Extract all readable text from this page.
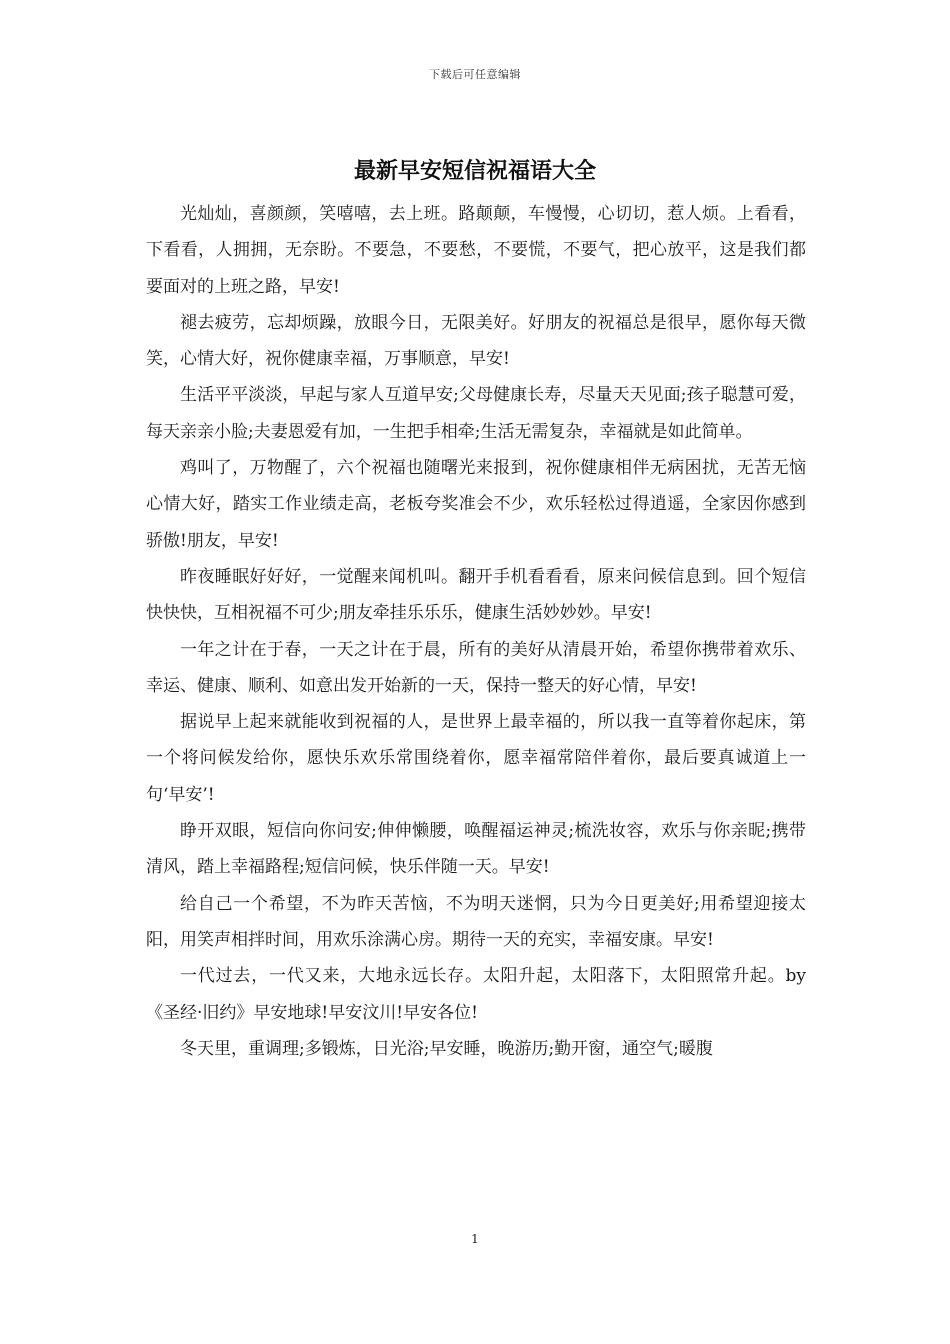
下载后可任意编辑
最新早安短信祝福语大全

光灿灿，喜颜颜，笑嘻嘻，去上班。路颠颠，车慢慢，心切切，惹人烦。上看看，下看看，人拥拥，无奈盼。不要急，不要愁，不要慌，不要气，把心放平，这是我们都要面对的上班之路，早安!

褪去疲劳，忘却烦躁，放眼今日，无限美好。好朋友的祝福总是很早，愿你每天微笑，心情大好，祝你健康幸福，万事顺意，早安!

生活平平淡淡，早起与家人互道早安;父母健康长寿，尽量天天见面;孩子聪慧可爱，每天亲亲小脸;夫妻恩爱有加，一生把手相牵;生活无需复杂，幸福就是如此简单。

鸡叫了，万物醒了，六个祝福也随曙光来报到，祝你健康相伴无病困扰，无苦无恼心情大好，踏实工作业绩走高，老板夸奖准会不少，欢乐轻松过得逍遥，全家因你感到骄傲!朋友，早安!

昨夜睡眠好好好，一觉醒来闻机叫。翻开手机看看看，原来问候信息到。回个短信快快快，互相祝福不可少;朋友牵挂乐乐乐，健康生活妙妙妙。早安!

一年之计在于春，一天之计在于晨，所有的美好从清晨开始，希望你携带着欢乐、幸运、健康、顺利、如意出发开始新的一天，保持一整天的好心情，早安!

据说早上起来就能收到祝福的人，是世界上最幸福的，所以我一直等着你起床，第一个将问候发给你，愿快乐欢乐常围绕着你，愿幸福常陪伴着你，最后要真诚道上一句‘早安’!

睁开双眼，短信向你问安;伸伸懒腰，唤醒福运神灵;梳洗妆容，欢乐与你亲昵;携带清风，踏上幸福路程;短信问候，快乐伴随一天。早安!

给自己一个希望，不为昨天苦恼，不为明天迷惘，只为今日更美好;用希望迎接太阳，用笑声相拌时间，用欢乐涂满心房。期待一天的充实，幸福安康。早安!

一代过去，一代又来，大地永远长存。太阳升起，太阳落下，太阳照常升起。by《圣经·旧约》早安地球!早安汶川!早安各位!

冬天里，重调理;多锻炼，日光浴;早安睡，晚游历;勤开窗，通空气;暖腹

1
